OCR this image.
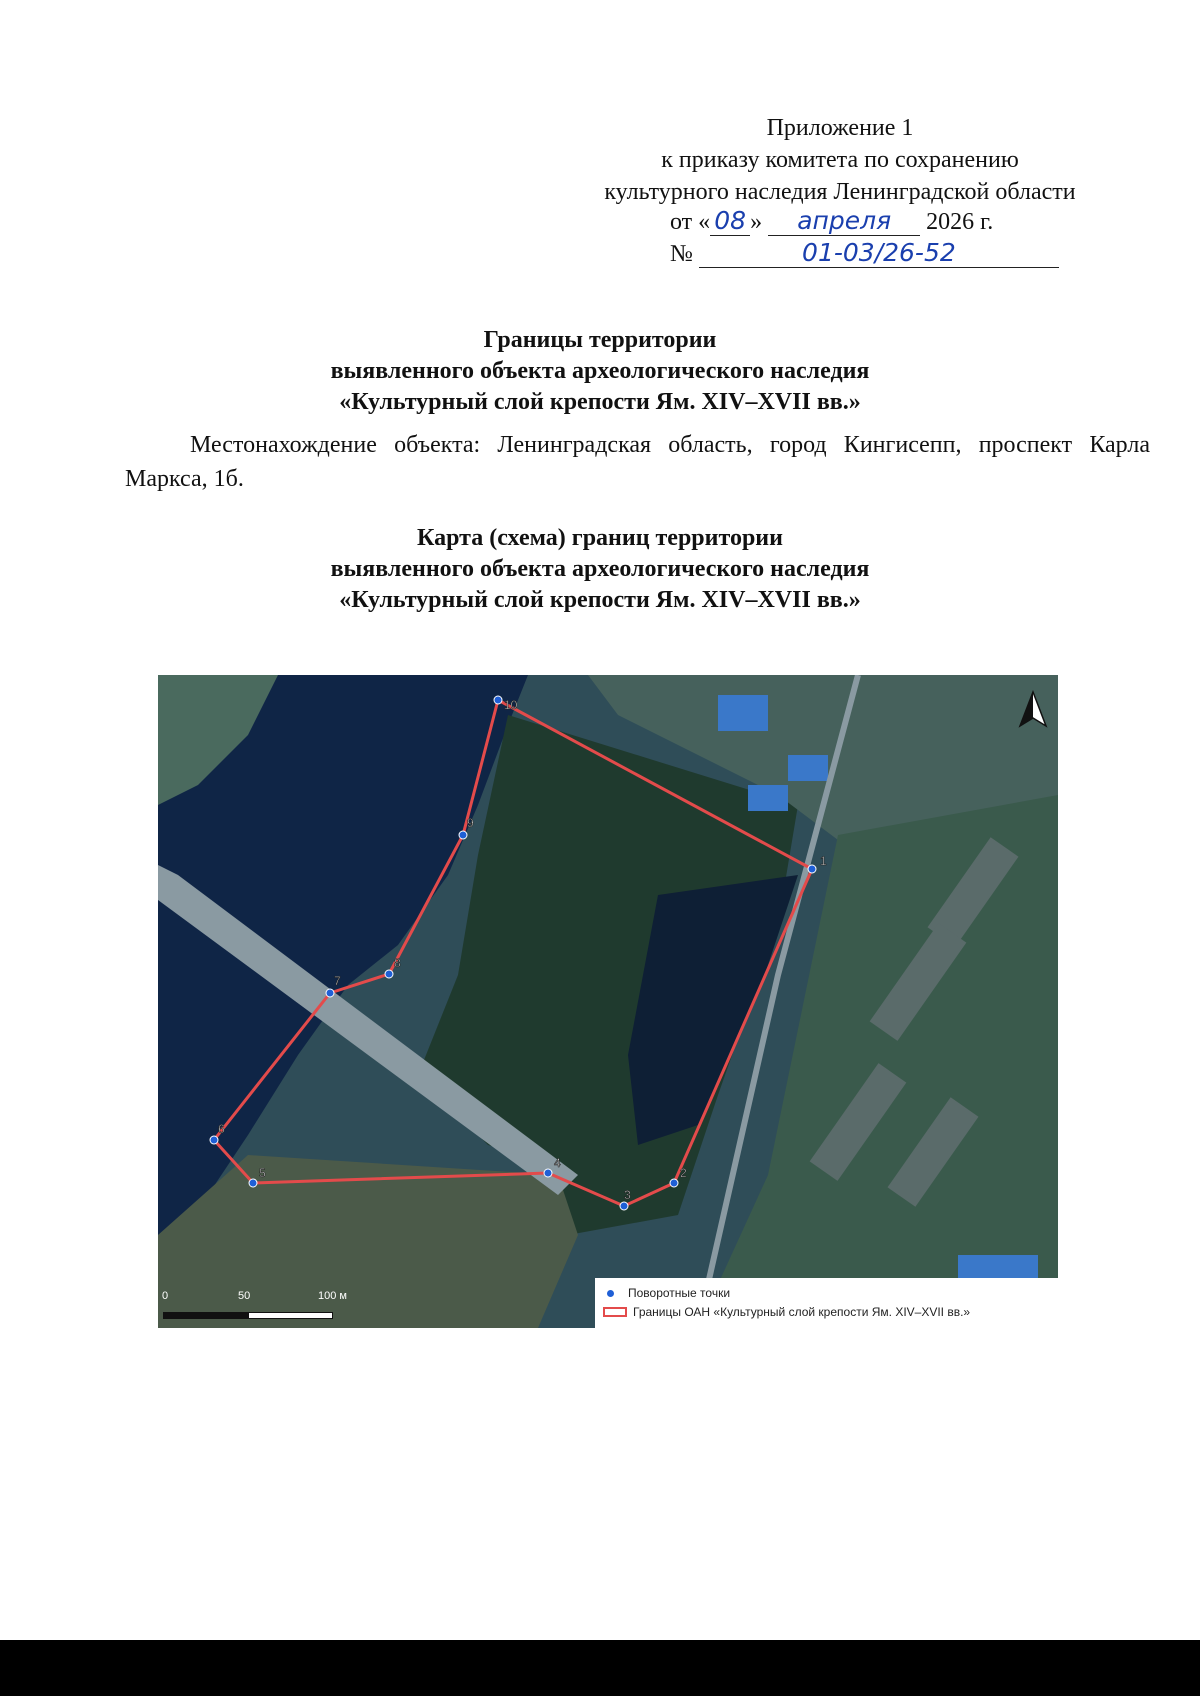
Приложение 1
к приказу комитета по сохранению
культурного наследия Ленинградской области
от « 08 » апреля 2026 г.
№	01-03/26-52
Границы территории
выявленного объекта археологического наследия
«Культурный слой крепости Ям. XIV–XVII вв.»
Местонахождение объекта: Ленинградская область, город Кингисепп, проспект Карла Маркса, 1б.
Карта (схема) границ территории
выявленного объекта археологического наследия
«Культурный слой крепости Ям. XIV–XVII вв.»
1
2
3
4
5
6
7
8
9
10
0	50	100 м	Поворотные точки
Границы ОАН «Культурный слой крепости Ям. XIV–XVII вв.»
